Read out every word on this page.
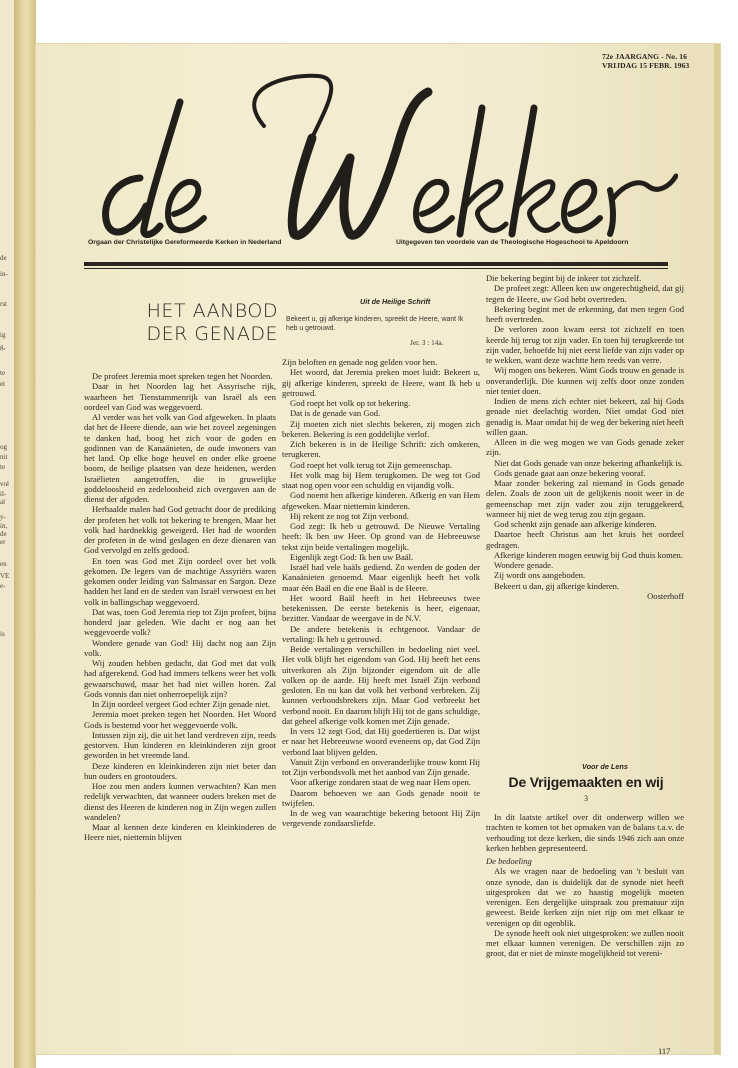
de
in-
rst
ig
g,
te
et
og
nit
te
vol
il-
al
y-
in,
de
er
en
VE
e-
is
72e JAARGANG - No. 16
VRIJDAG 15 FEBR. 1963
Orgaan der Christelijke Gereformeerde Kerken in Nederland	Uitgegeven ten voordele van de Theologische Hogeschool te Apeldoorn
HET AANBOD
DER GENADE
Uit de Heilige Schrift
Bekeert u, gij afkerige kinderen, spreekt de Heere, want Ik heb u getrouwd.
Jer. 3 : 14a.

De profeet Jeremia moet spreken tegen het Noorden.

Daar in het Noorden lag het Assyrische rijk, waarheen het Tienstammenrijk van Israël als een oordeel van God was weggevoerd.

Al verder was het volk van God afgeweken. In plaats dat het de Heere diende, aan wie het zoveel zegeningen te danken had, boog het zich voor de goden en godinnen van de Kanaänieten, de oude inwoners van het land. Op elke hoge heuvel en onder elke groene boom, de heilige plaatsen van deze heidenen, werden Israëlieten aangetroffen, die in gruwelijke goddeloosheid en zedeloosheid zich overgaven aan de dienst der afgoden.

Herhaalde malen had God getracht door de prediking der profeten het volk tot bekering te brengen, Maar het volk had hardnekkig geweigerd. Het had de woorden der profeten in de wind geslagen en deze dienaren van God vervolgd en zelfs gedood.

En toen was God met Zijn oordeel over het volk gekomen. De legers van de machtige Assyriërs waren gekomen onder leiding van Salmassar en Sargon. Deze hadden het land en de steden van Israël verwoest en het volk in ballingschap weggevoerd.

Dat was, toen God Jeremia riep tot Zijn profeet, bijna honderd jaar geleden. Wie dacht er nog aan het weggevoerde volk?

Wondere genade van God! Hij dacht nog aan Zijn volk.

Wij zouden hebben gedacht, dat God met dat volk had afgerekend. God had immers telkens weer het volk gewaarschuwd, maar het had niet willen horen. Zal Gods vonnis dan niet onherroepelijk zijn?

In Zijn oordeel vergeet God echter Zijn genade niet.

Jeremia moet preken tegen het Noorden. Het Woord Gods is bestemd voor het weggevoerde volk.

Intussen zijn zij, die uit het land verdreven zijn, reeds gestorven. Hun kinderen en kleinkinderen zijn groot geworden in het vreemde land.

Deze kinderen en kleinkinderen zijn niet beter dan hun ouders en grootouders.

Hoe zou men anders kunnen verwachten? Kan men redelijk verwachten, dat wanneer ouders breken met de dienst des Heeren de kinderen nog in Zijn wegen zullen wandelen?

Maar al kennen deze kinderen en kleinkinderen de Heere niet, niettemin blijven

Zijn beloften en genade nog gelden voor hen.

Het woord, dat Jeremia preken moet luidt: Bekeert u, gij afkerige kinderen, spreekt de Heere, want Ik heb u getrouwd.

God roept het volk op tot bekering.

Dat is de genade van God.

Zij moeten zich niet slechts bekeren, zij mogen zich bekeren. Bekering is een goddelijke verlof.

Zich bekeren is in de Heilige Schrift: zich omkeren, terugkeren.

God roept het volk terug tot Zijn gemeenschap.

Het volk mag bij Hem terugkomen. De weg tot God staat nog open voor een schuldig en vijandig volk.

God noemt hen afkerige kinderen. Afkerig en van Hem afgeweken. Maar niettemin kinderen.

Hij rekent ze nog tot Zijn verbond.

God zegt: Ik heb u getrouwd. De Nieuwe Vertaling heeft: Ik ben uw Heer. Op grond van de Hebreeuwse tekst zijn beide vertalingen mogelijk.

Eigenlijk zegt God: Ik ben uw Baäl.

Israël had vele baäls gediend. Zo werden de goden der Kanaänieten genoemd. Maar eigenlijk heeft het volk maar één Baäl en die ene Baäl is de Heere.

Het woord Baäl heeft in het Hebreeuws twee betekenissen. De eerste betekenis is heer, eigenaar, bezitter. Vandaar de weergave in de N.V.

De andere betekenis is echtgenoot. Vandaar de vertaling: Ik heb u getrouwd.

Beide vertalingen verschillen in bedoeling niet veel. Het volk blijft het eigendom van God. Hij heeft het eens uitverkoren als Zijn bijzonder eigendom uit de alle volken op de aarde. Hij heeft met Israël Zijn verbond gesloten. En nu kan dat volk het verbond verbreken. Zij kunnen verbondsbrekers zijn. Maar God verbreekt het verbond nooit. En daarom blijft Hij tot de gans schuldige, dat geheel afkerige volk komen met Zijn genade.

In vers 12 zegt God, dat Hij goedertieren is. Dat wijst er naar het Hebreeuwse woord eveneens op, dat God Zijn verbond laat blijven gelden.

Vanuit Zijn verbond en onveranderlijke trouw komt Hij tot Zijn verbondsvolk met het aanbod van Zijn genade.

Voor afkerige zondaren staat de weg naar Hem open.

Daarom behoeven we aan Gods genade nooit te twijfelen.

In de weg van waarachtige bekering betoont Hij Zijn vergevende zondaarsliefde.

Die bekering begint bij de inkeer tot zichzelf.

De profeet zegt: Alleen ken uw ongerechtigheid, dat gij tegen de Heere, uw God hebt overtreden.

Bekering begint met de erkenning, dat men tegen God heeft overtreden.

De verloren zoon kwam eerst tot zichzelf en toen keerde hij terug tot zijn vader. En toen hij terugkeerde tot zijn vader, behoefde hij niet eerst liefde van zijn vader op te wekken, want deze wachtte hem reeds van verre.

Wij mogen ons bekeren. Want Gods trouw en genade is onveranderlijk. Die kunnen wij zelfs door onze zonden niet teniet doen.

Indien de mens zich echter niet bekeert, zal hij Gods genade niet deelachtig worden. Niet omdat God niet genadig is. Maar omdat hij de weg der bekering niet heeft willen gaan.

Alleen in die weg mogen we van Gods genade zeker zijn.

Niet dat Gods genade van onze bekering afhankelijk is.

Gods genade gaat aan onze bekering vooraf.

Maar zonder bekering zal niemand in Gods genade delen. Zoals de zoon uit de gelijkenis nooit weer in de gemeenschap met zijn vader zou zijn teruggekeerd, wanneer hij niet de weg terug zou zijn gegaan.

God schenkt zijn genade aan afkerige kinderen.

Daartoe heeft Christus aan het kruis het oordeel gedragen.

Afkerige kinderen mogen eeuwig bij God thuis komen.

Wondere genade.

Zij wordt ons aangeboden.

Bekeert u dan, gij afkerige kinderen.

Oosterhoff

Voor de Lens
De Vrijgemaakten en wij
3
117

In dit laatste artikel over dit onderwerp willen we trachten te komen tot het opmaken van de balans t.a.v. de verhouding tot deze kerken, die sinds 1946 zich aan onze kerken hebben gepresenteerd.

De bedoeling

Als we vragen naar de bedoeling van 't besluit van onze synode, dan is duidelijk dat de synode niet heeft uitgesproken dat we zo haastig mogelijk moeten verenigen. Een dergelijke uitspraak zou prematuur zijn geweest. Beide kerken zijn niet rijp om met elkaar te verenigen op dit ogenblik.

De synode heeft ook niet uitgesproken: we zullen nooit met elkaar kunnen verenigen. De verschillen zijn zo groot, dat er niet de minste mogelijkheid tot vereni-
